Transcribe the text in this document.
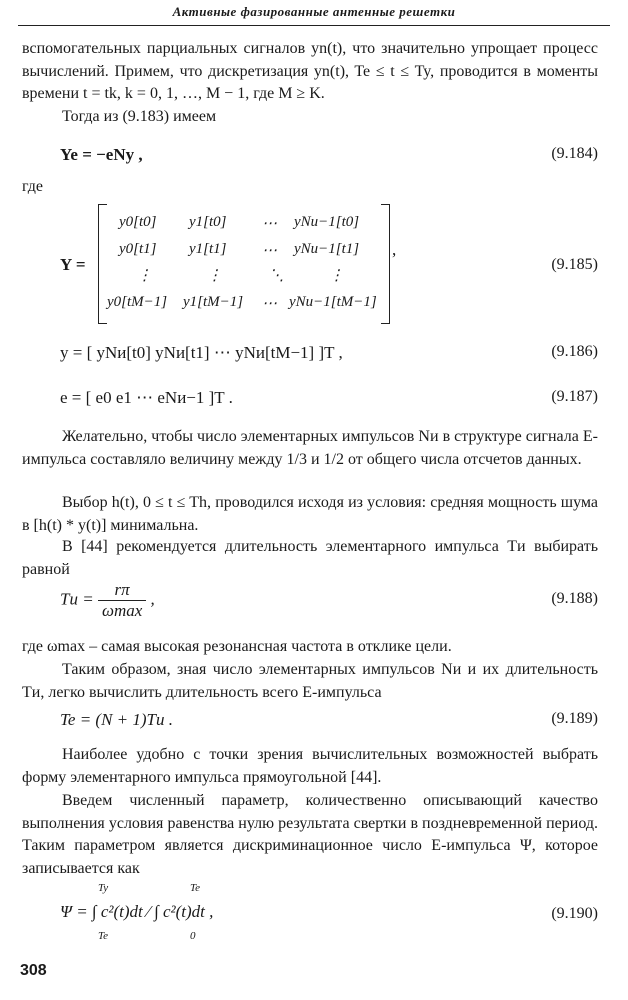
Активные фазированные антенные решетки
вспомогательных парциальных сигналов yn(t), что значительно упрощает процесс вычислений. Примем, что дискретизация yn(t), Te ≤ t ≤ Ty, проводится в моменты времени t = tk, k = 0, 1, …, M − 1, где M ≥ K.
Тогда из (9.183) имеем
Ye = −eNy ,	(9.184)
где
Y =
y0[t0] y1[t0] ⋯ yNи−1[t0]
y0[t1] y1[t1] ⋯ yNи−1[t1]
⋮	⋮	⋱	⋮
y0[tM−1] y1[tM−1] ⋯ yNи−1[tM−1]
,
(9.185)
y = [ yNи[t0] yNи[t1] ⋯ yNи[tM−1] ]T ,	(9.186)
e = [ e0 e1 ⋯ eNи−1 ]T .	(9.187)
Желательно, чтобы число элементарных импульсов Nи в структуре сигнала E-импульса составляло величину между 1/3 и 1/2 от общего числа отсчетов данных.
Выбор h(t), 0 ≤ t ≤ Th, проводился исходя из условия: средняя мощность шума в [h(t) * y(t)] минимальна.
В [44] рекомендуется длительность элементарного импульса Tи выбирать равной
Tи = $\frac{r\pi}{\omega\max}$ ,	(9.188)
где ωmax – самая высокая резонансная частота в отклике цели.
Таким образом, зная число элементарных импульсов Nи и их длительность Tи, легко вычислить длительность всего E-импульса
Te = (N + 1)Tи .	(9.189)
Наиболее удобно с точки зрения вычислительных возможностей выбрать форму элементарного импульса прямоугольной [44].
Введем численный параметр, количественно описывающий качество выполнения условия равенства нулю результата свертки в поздневременной период. Таким параметром является дискриминационное число E-импульса Ψ, которое записывается как
Ψ = ∫ c²(t)dt ⁄ ∫ c²(t)dt ,
Ty
Te
Te
0
(9.190)
308
